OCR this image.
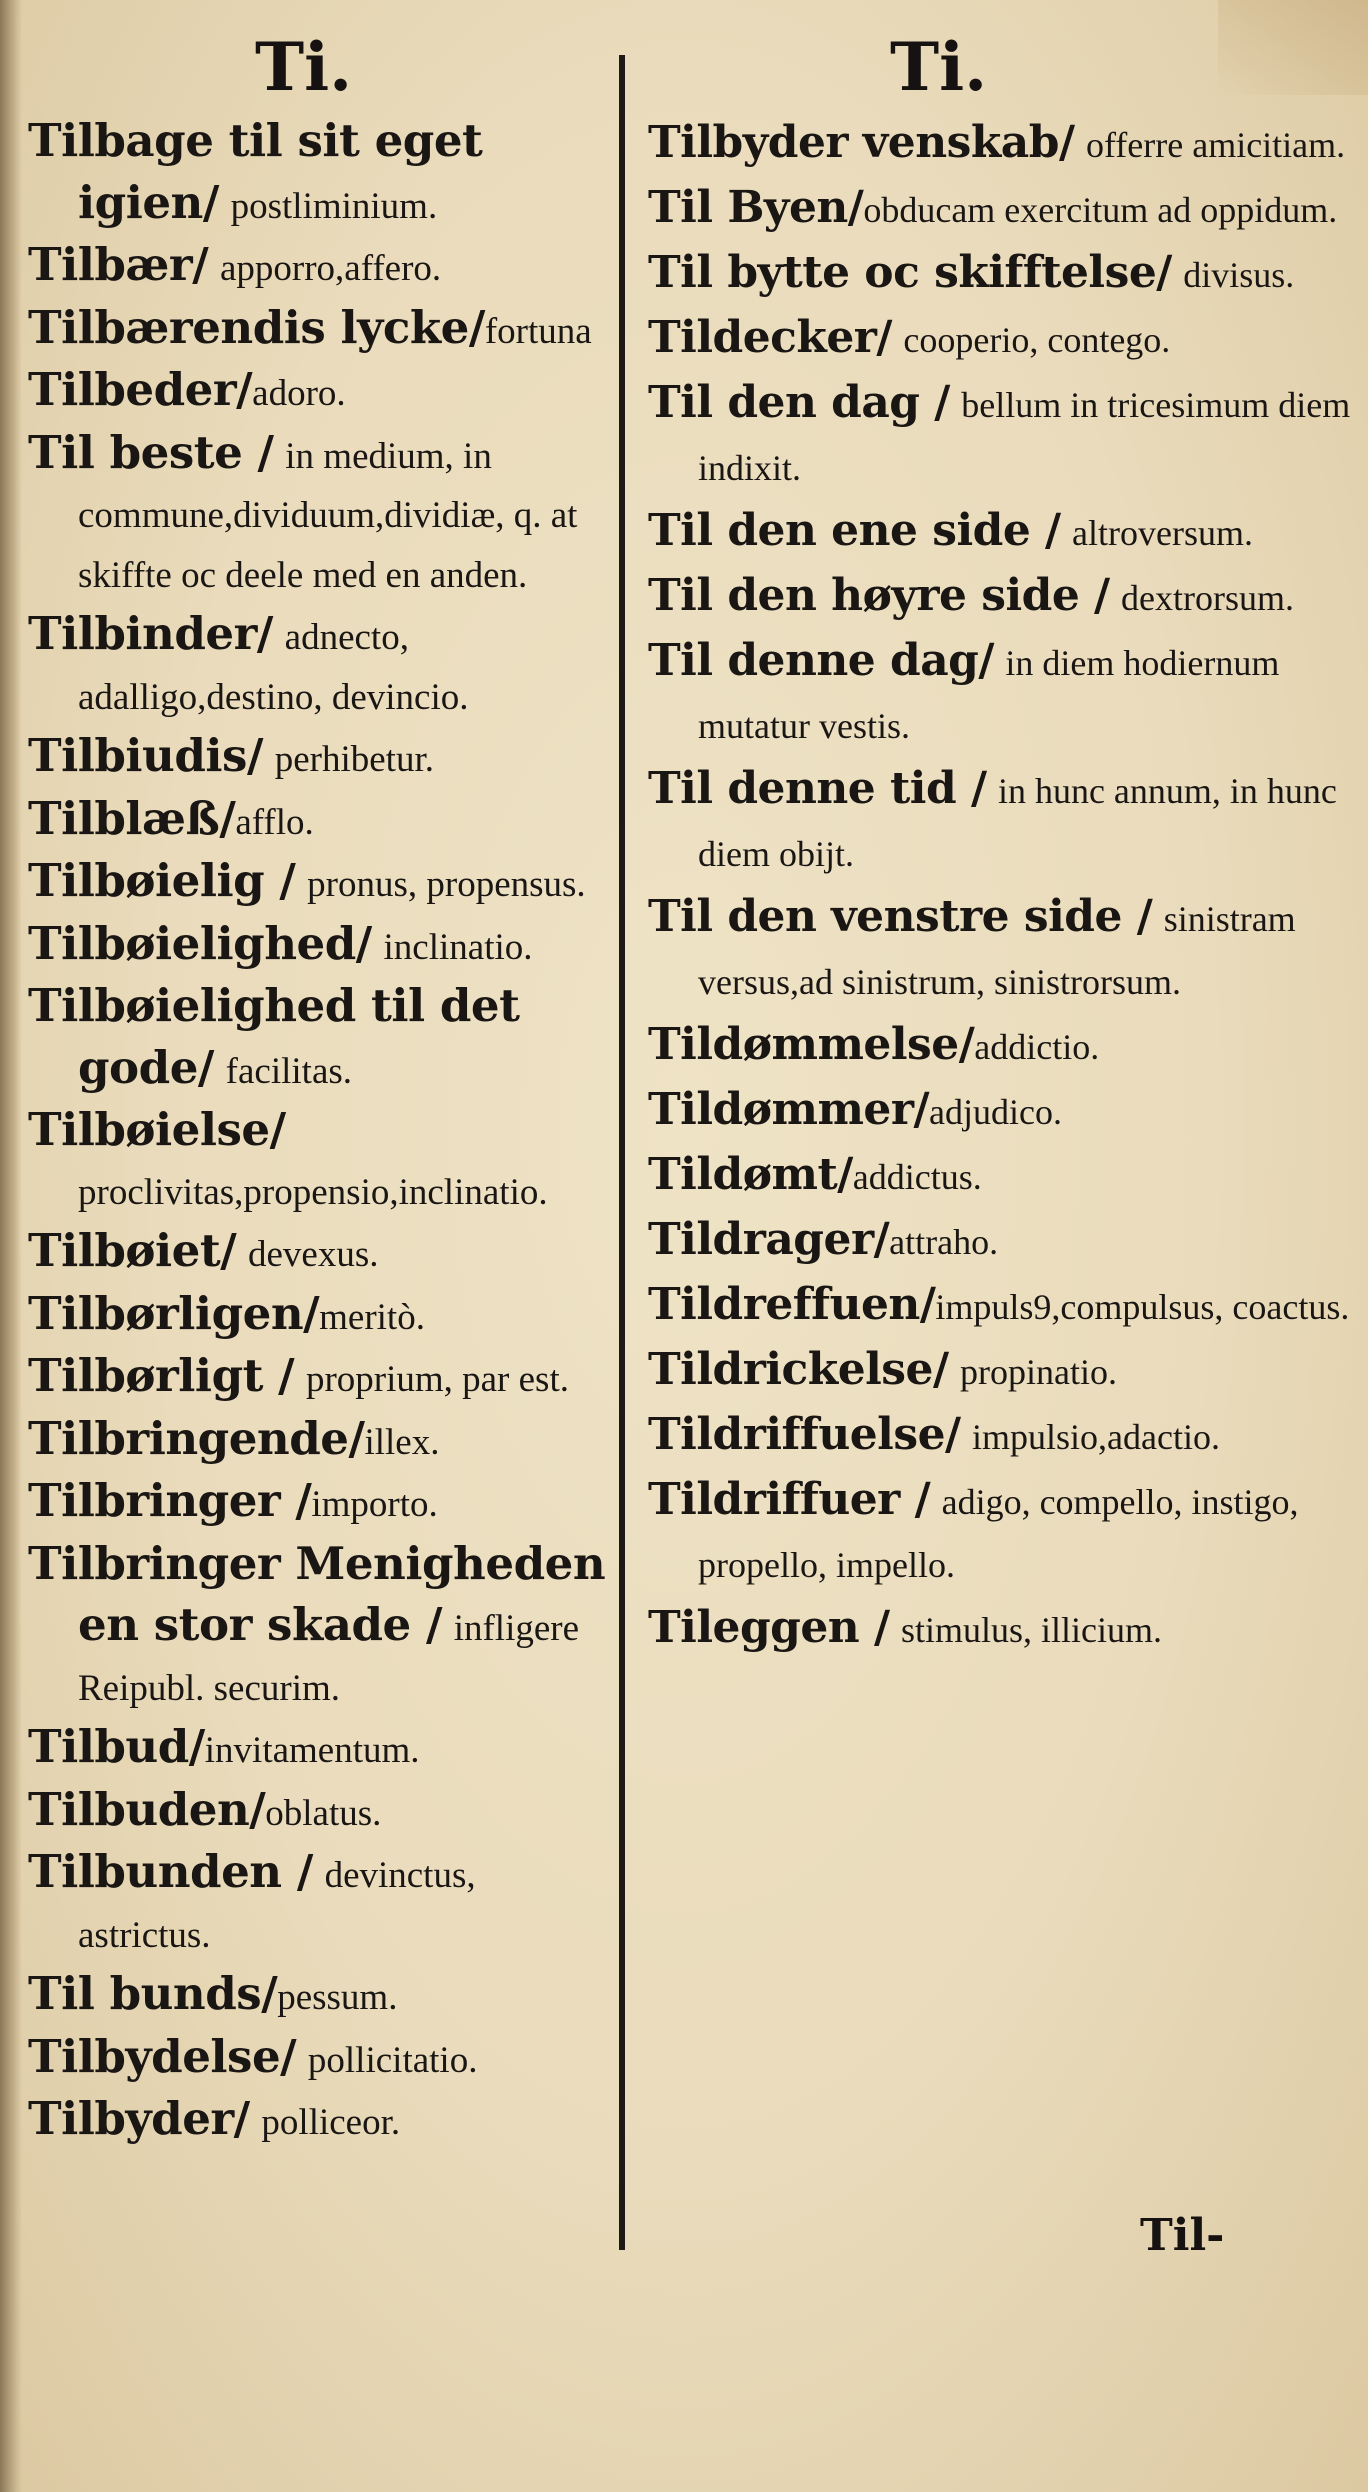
Ti.	Ti.

Tilbage til sit eget igien/ postliminium.

Tilbær/ apporro,affero.

Tilbærendis lycke/fortuna

Tilbeder/adoro.

Til beste / in medium, in commune,dividuum,dividiæ, q. at skiffte oc deele med en anden.

Tilbinder/ adnecto, adalligo,destino, devincio.

Tilbiudis/ perhibetur.

Tilblæß/afflo.

Tilbøielig / pronus, propensus.

Tilbøielighed/ inclinatio.

Tilbøielighed til det gode/ facilitas.

Tilbøielse/ proclivitas,propensio,inclinatio.

Tilbøiet/ devexus.

Tilbørligen/meritò.

Tilbørligt / proprium, par est.

Tilbringende/illex.

Tilbringer /importo.

Tilbringer Menigheden en stor skade / infligere Reipubl. securim.

Tilbud/invitamentum.

Tilbuden/oblatus.

Tilbunden / devinctus, astrictus.

Til bunds/pessum.

Tilbydelse/ pollicitatio.

Tilbyder/ polliceor.

Tilbyder venskab/ offerre amicitiam.

Til Byen/obducam exercitum ad oppidum.

Til bytte oc skifftelse/ divisus.

Tildecker/ cooperio, contego.

Til den dag / bellum in tricesimum diem indixit.

Til den ene side / altroversum.

Til den høyre side / dextrorsum.

Til denne dag/ in diem hodiernum mutatur vestis.

Til denne tid / in hunc annum, in hunc diem obijt.

Til den venstre side / sinistram versus,ad sinistrum, sinistrorsum.

Tildømmelse/addictio.

Tildømmer/adjudico.

Tildømt/addictus.

Tildrager/attraho.

Tildreffuen/impuls9,compulsus, coactus.

Tildrickelse/ propinatio.

Tildriffuelse/ impulsio,adactio.

Tildriffuer / adigo, compello, instigo, propello, impello.

Tileggen / stimulus, illicium.

Til-
